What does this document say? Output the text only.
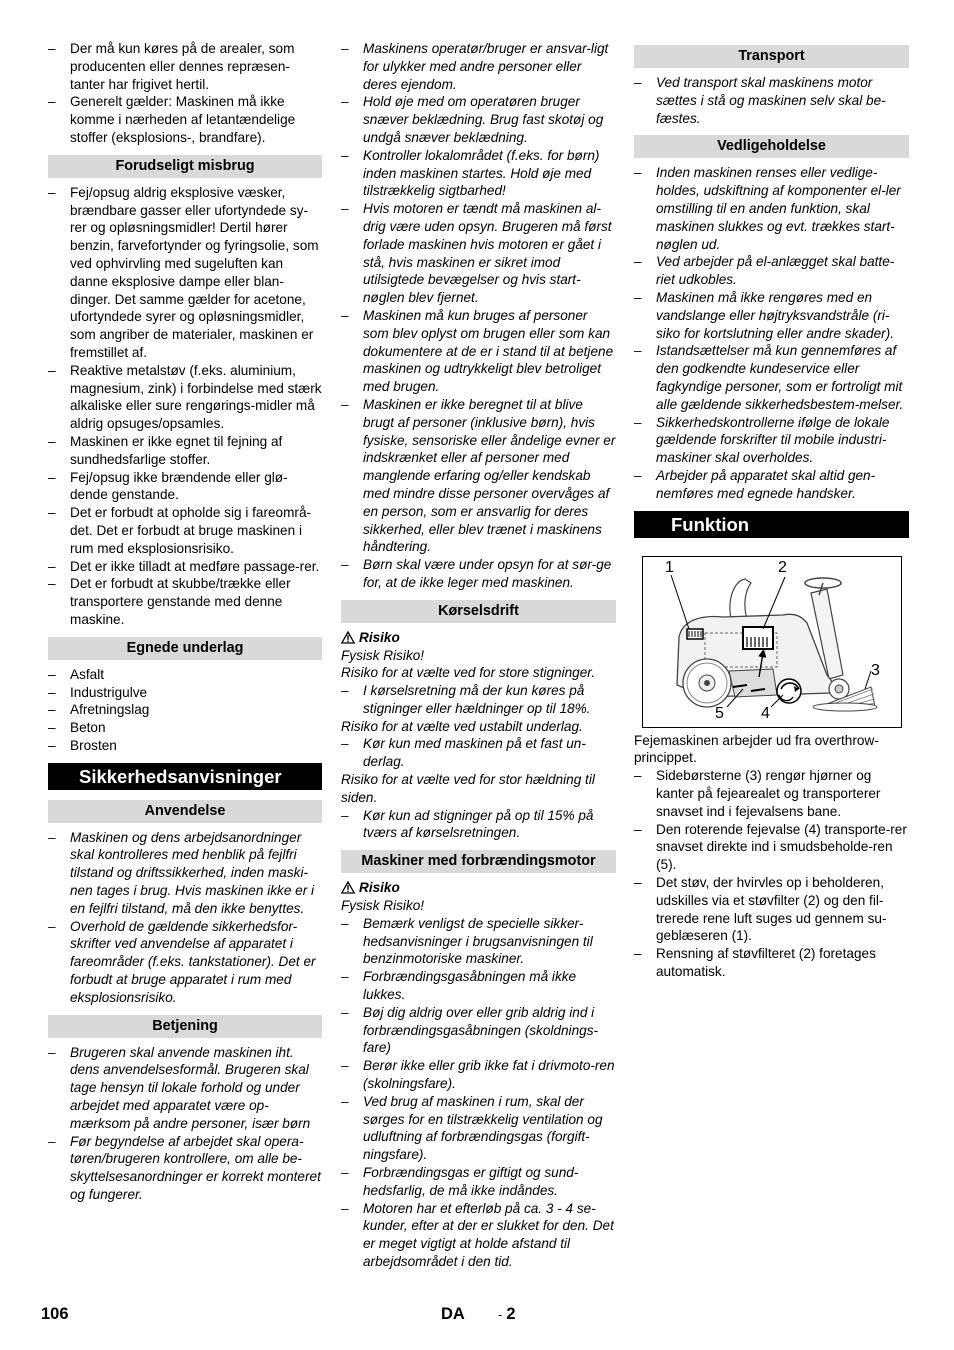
– Der må kun køres på de arealer, som producenten eller dennes repræsen-tanter har frigivet hertil.
– Generelt gælder: Maskinen må ikke komme i nærheden af letantændelige stoffer (eksplosions-, brandfare).
Forudseligt misbrug
– Fej/opsug aldrig eksplosive væsker, brændbare gasser eller ufortyndede sy-rer og opløsningsmidler! Dertil hører benzin, farvefortynder og fyringsolie, som ved ophvirvling med sugeluften kan danne eksplosive dampe eller blan-dinger. Det samme gælder for acetone, ufortyndede syrer og opløsningsmidler, som angriber de materialer, maskinen er fremstillet af.
– Reaktive metalstøv (f.eks. aluminium, magnesium, zink) i forbindelse med stærk alkaliske eller sure rengørings-midler må aldrig opsuges/opsamles.
– Maskinen er ikke egnet til fejning af sundhedsfarlige stoffer.
– Fej/opsug ikke brændende eller glø-dende genstande.
– Det er forbudt at opholde sig i fareområ-det. Det er forbudt at bruge maskinen i rum med eksplosionsrisiko.
– Det er ikke tilladt at medføre passage-rer.
– Det er forbudt at skubbe/trække eller transportere genstande med denne maskine.
Egnede underlag
– Asfalt
– Industrigulve
– Afretningslag
– Beton
– Brosten
Sikkerhedsanvisninger
Anvendelse
– Maskinen og dens arbejdsanordninger skal kontrolleres med henblik på fejlfri tilstand og driftssikkerhed, inden maski-nen tages i brug. Hvis maskinen ikke er i en fejlfri tilstand, må den ikke benyttes.
– Overhold de gældende sikkerhedsfor-skrifter ved anvendelse af apparatet i fareområder (f.eks. tankstationer). Det er forbudt at bruge apparatet i rum med eksplosionsrisiko.
Betjening
– Brugeren skal anvende maskinen iht. dens anvendelsesformål. Brugeren skal tage hensyn til lokale forhold og under arbejdet med apparatet være op-mærksom på andre personer, især børn
– Før begyndelse af arbejdet skal opera-tøren/brugeren kontrollere, om alle be-skyttelsesanordninger er korrekt monteret og fungerer.
– Maskinens operatør/bruger er ansvar-ligt for ulykker med andre personer eller deres ejendom.
– Hold øje med om operatøren bruger snæver beklædning. Brug fast skotøj og undgå snæver beklædning.
– Kontroller lokalområdet (f.eks. for børn) inden maskinen startes. Hold øje med tilstrækkelig sigtbarhed!
– Hvis motoren er tændt må maskinen al-drig være uden opsyn. Brugeren må først forlade maskinen hvis motoren er gået i stå, hvis maskinen er sikret imod utilsigtede bevægelser og hvis start-nøglen blev fjernet.
– Maskinen må kun bruges af personer som blev oplyst om brugen eller som kan dokumentere at de er i stand til at betjene maskinen og udtrykkeligt blev betroliget med brugen.
– Maskinen er ikke beregnet til at blive brugt af personer (inklusive børn), hvis fysiske, sensoriske eller åndelige evner er indskrænket eller af personer med manglende erfaring og/eller kendskab med mindre disse personer overvåges af en person, som er ansvarlig for deres sikkerhed, eller blev trænet i maskinens håndtering.
– Børn skal være under opsyn for at sør-ge for, at de ikke leger med maskinen.
Kørselsdrift

Risiko

Fysisk Risiko!

Risiko for at vælte ved for store stigninger.

– I kørselsretning må der kun køres på stigninger eller hældninger op til 18%.

Risiko for at vælte ved ustabilt underlag.

– Kør kun med maskinen på et fast un-derlag.

Risiko for at vælte ved for stor hældning til siden.

– Kør kun ad stigninger på op til 15% på tværs af kørselsretningen.
Maskiner med forbrændingsmotor

Risiko

Fysisk Risiko!

– Bemærk venligst de specielle sikker-hedsanvisninger i brugsanvisningen til benzinmotoriske maskiner.
– Forbrændingsgasåbningen må ikke lukkes.
– Bøj dig aldrig over eller grib aldrig ind i forbrændingsgasåbningen (skoldnings-fare)
– Berør ikke eller grib ikke fat i drivmoto-ren (skolningsfare).
– Ved brug af maskinen i rum, skal der sørges for en tilstrækkelig ventilation og udluftning af forbrændingsgas (forgift-ningsfare).
– Forbrændingsgas er giftigt og sund-hedsfarlig, de må ikke indåndes.
– Motoren har et efterløb på ca. 3 - 4 se-kunder, efter at der er slukket for den. Det er meget vigtigt at holde afstand til arbejdsområdet i den tid.
Transport
– Ved transport skal maskinens motor sættes i stå og maskinen selv skal be-fæstes.
Vedligeholdelse
– Inden maskinen renses eller vedlige-holdes, udskiftning af komponenter el-ler omstilling til en anden funktion, skal maskinen slukkes og evt. trækkes start-nøglen ud.
– Ved arbejder på el-anlægget skal batte-riet udkobles.
– Maskinen må ikke rengøres med en vandslange eller højtryksvandstråle (ri-siko for kortslutning eller andre skader).
– Istandsættelser må kun gennemføres af den godkendte kundeservice eller fagkyndige personer, som er fortroligt mit alle gældende sikkerhedsbestem-melser.
– Sikkerhedskontrollerne ifølge de lokale gældende forskrifter til mobile industri-maskiner skal overholdes.
– Arbejder på apparatet skal altid gen-nemføres med egnede handsker.
Funktion
1	2
3
4
5

Fejemaskinen arbejder ud fra overthrow-princippet.

– Sidebørsterne (3) rengør hjørner og kanter på fejearealet og transporterer snavset ind i fejevalsens bane.
– Den roterende fejevalse (4) transporte-rer snavset direkte ind i smudsbeholde-ren (5).
– Det støv, der hvirvles op i beholderen, udskilles via et støvfilter (2) og den fil-trerede rene luft suges ud gennem su-geblæseren (1).
– Rensning af støvfilteret (2) foretages automatisk.
106	DA	- 2
